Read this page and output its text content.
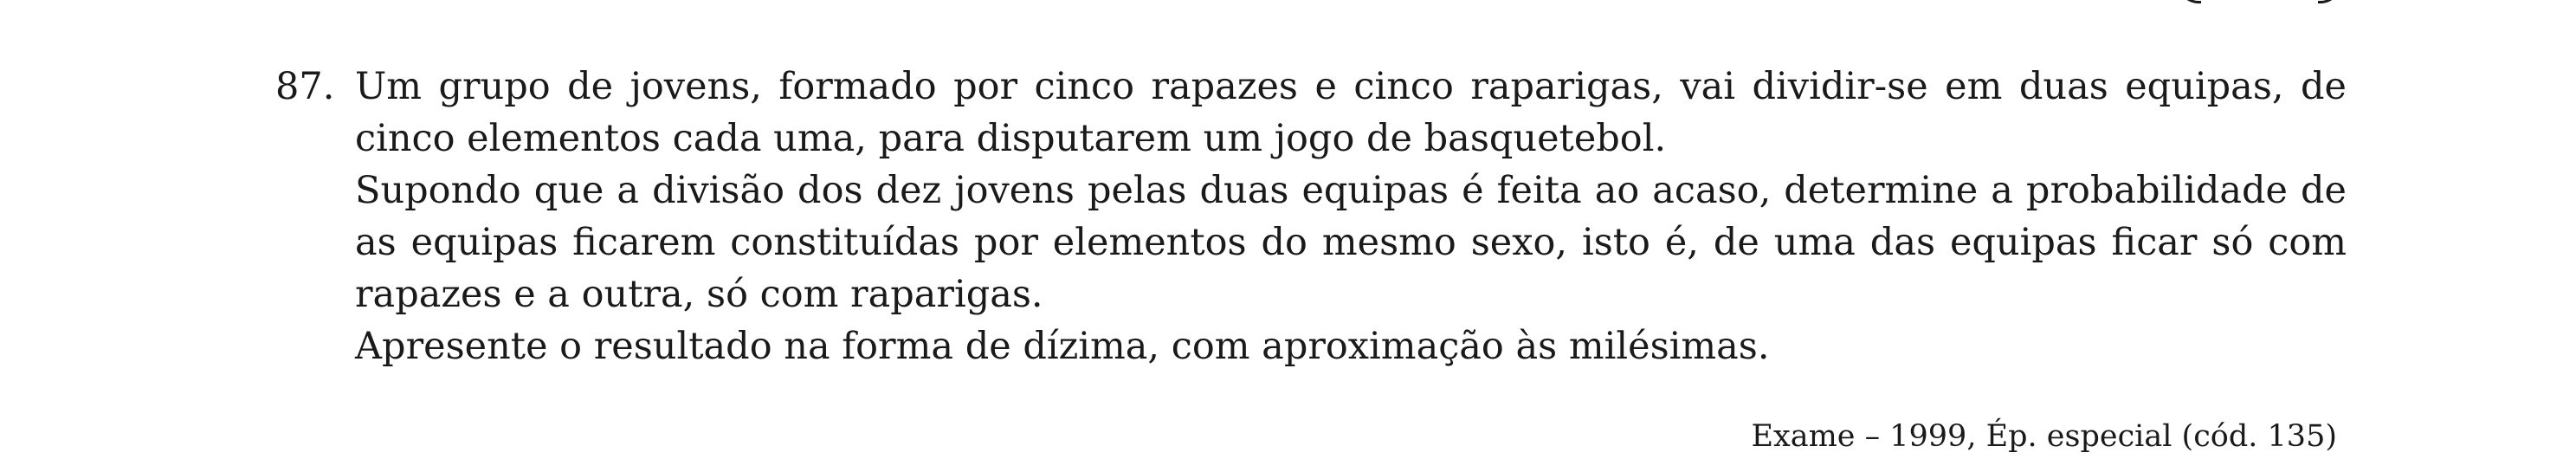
87. Um grupo de jovens, formado por cinco rapazes e cinco raparigas, vai dividir-se em duas equipas, de cinco elementos cada uma, para disputarem um jogo de basquetebol.

Supondo que a divisão dos dez jovens pelas duas equipas é feita ao acaso, determine a probabilidade de as equipas ficarem constituídas por elementos do mesmo sexo, isto é, de uma das equipas ficar só com rapazes e a outra, só com raparigas.

Apresente o resultado na forma de dízima, com aproximação às milésimas.

Exame – 1999, Ép. especial (cód. 135)
